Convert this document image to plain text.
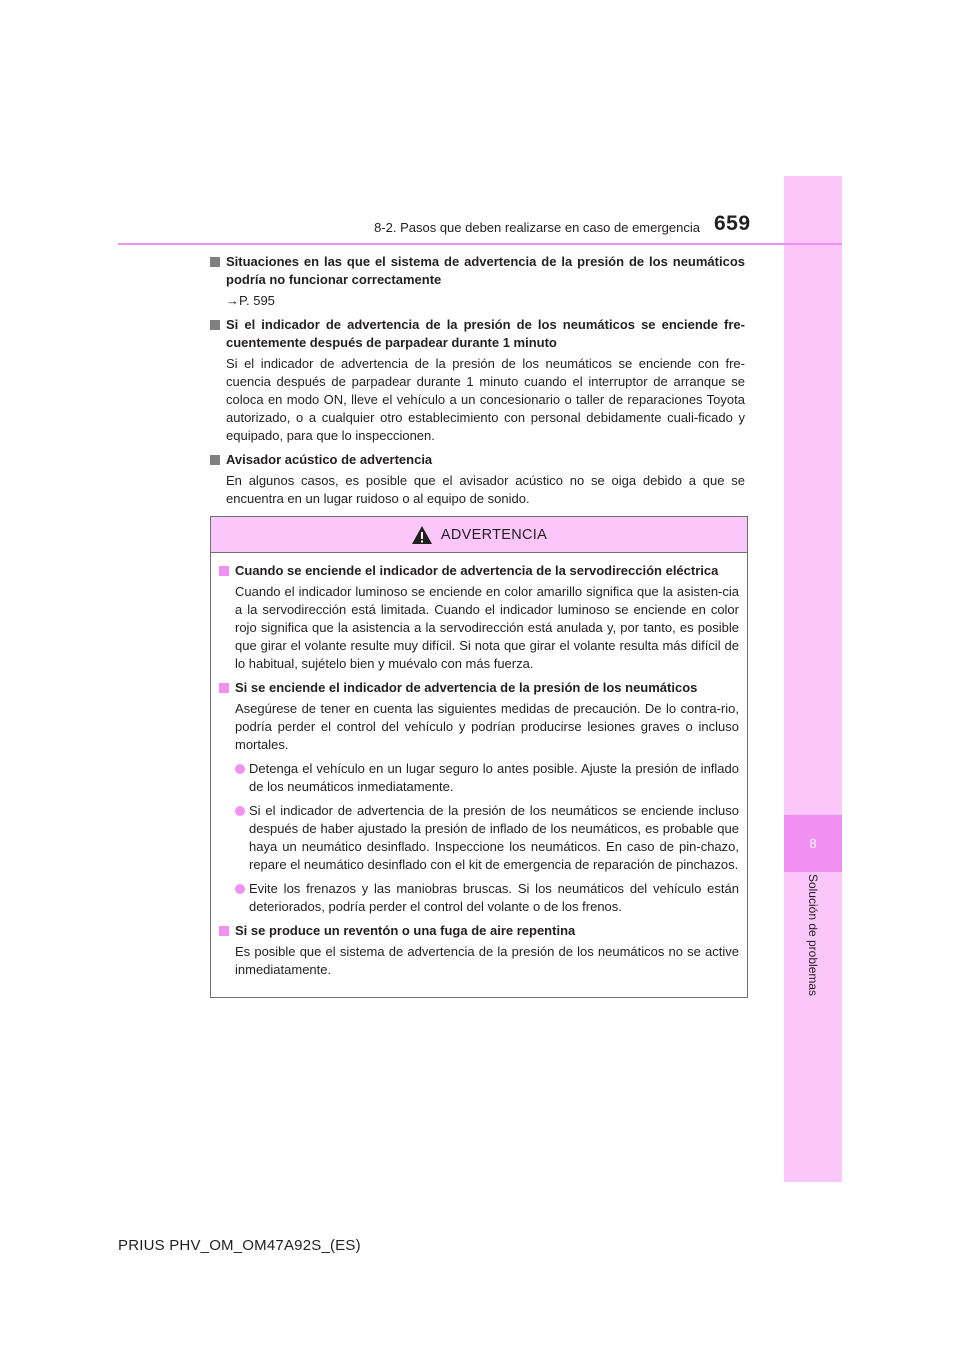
8
Solución de problemas
8-2. Pasos que deben realizarse en caso de emergencia 659
Situaciones en las que el sistema de advertencia de la presión de los neumáticos podría no funcionar correctamente
→P. 595
Si el indicador de advertencia de la presión de los neumáticos se enciende fre-cuentemente después de parpadear durante 1 minuto
Si el indicador de advertencia de la presión de los neumáticos se enciende con fre-cuencia después de parpadear durante 1 minuto cuando el interruptor de arranque se coloca en modo ON, lleve el vehículo a un concesionario o taller de reparaciones Toyota autorizado, o a cualquier otro establecimiento con personal debidamente cuali-ficado y equipado, para que lo inspeccionen.
Avisador acústico de advertencia
En algunos casos, es posible que el avisador acústico no se oiga debido a que se encuentra en un lugar ruidoso o al equipo de sonido.
ADVERTENCIA
Cuando se enciende el indicador de advertencia de la servodirección eléctrica
Cuando el indicador luminoso se enciende en color amarillo significa que la asisten-cia a la servodirección está limitada. Cuando el indicador luminoso se enciende en color rojo significa que la asistencia a la servodirección está anulada y, por tanto, es posible que girar el volante resulte muy difícil. Si nota que girar el volante resulta más difícil de lo habitual, sujételo bien y muévalo con más fuerza.
Si se enciende el indicador de advertencia de la presión de los neumáticos
Asegúrese de tener en cuenta las siguientes medidas de precaución. De lo contra-rio, podría perder el control del vehículo y podrían producirse lesiones graves o incluso mortales.
Detenga el vehículo en un lugar seguro lo antes posible. Ajuste la presión de inflado de los neumáticos inmediatamente.
Si el indicador de advertencia de la presión de los neumáticos se enciende incluso después de haber ajustado la presión de inflado de los neumáticos, es probable que haya un neumático desinflado. Inspeccione los neumáticos. En caso de pin-chazo, repare el neumático desinflado con el kit de emergencia de reparación de pinchazos.
Evite los frenazos y las maniobras bruscas. Si los neumáticos del vehículo están deteriorados, podría perder el control del volante o de los frenos.
Si se produce un reventón o una fuga de aire repentina
Es posible que el sistema de advertencia de la presión de los neumáticos no se active inmediatamente.
PRIUS PHV_OM_OM47A92S_(ES)
